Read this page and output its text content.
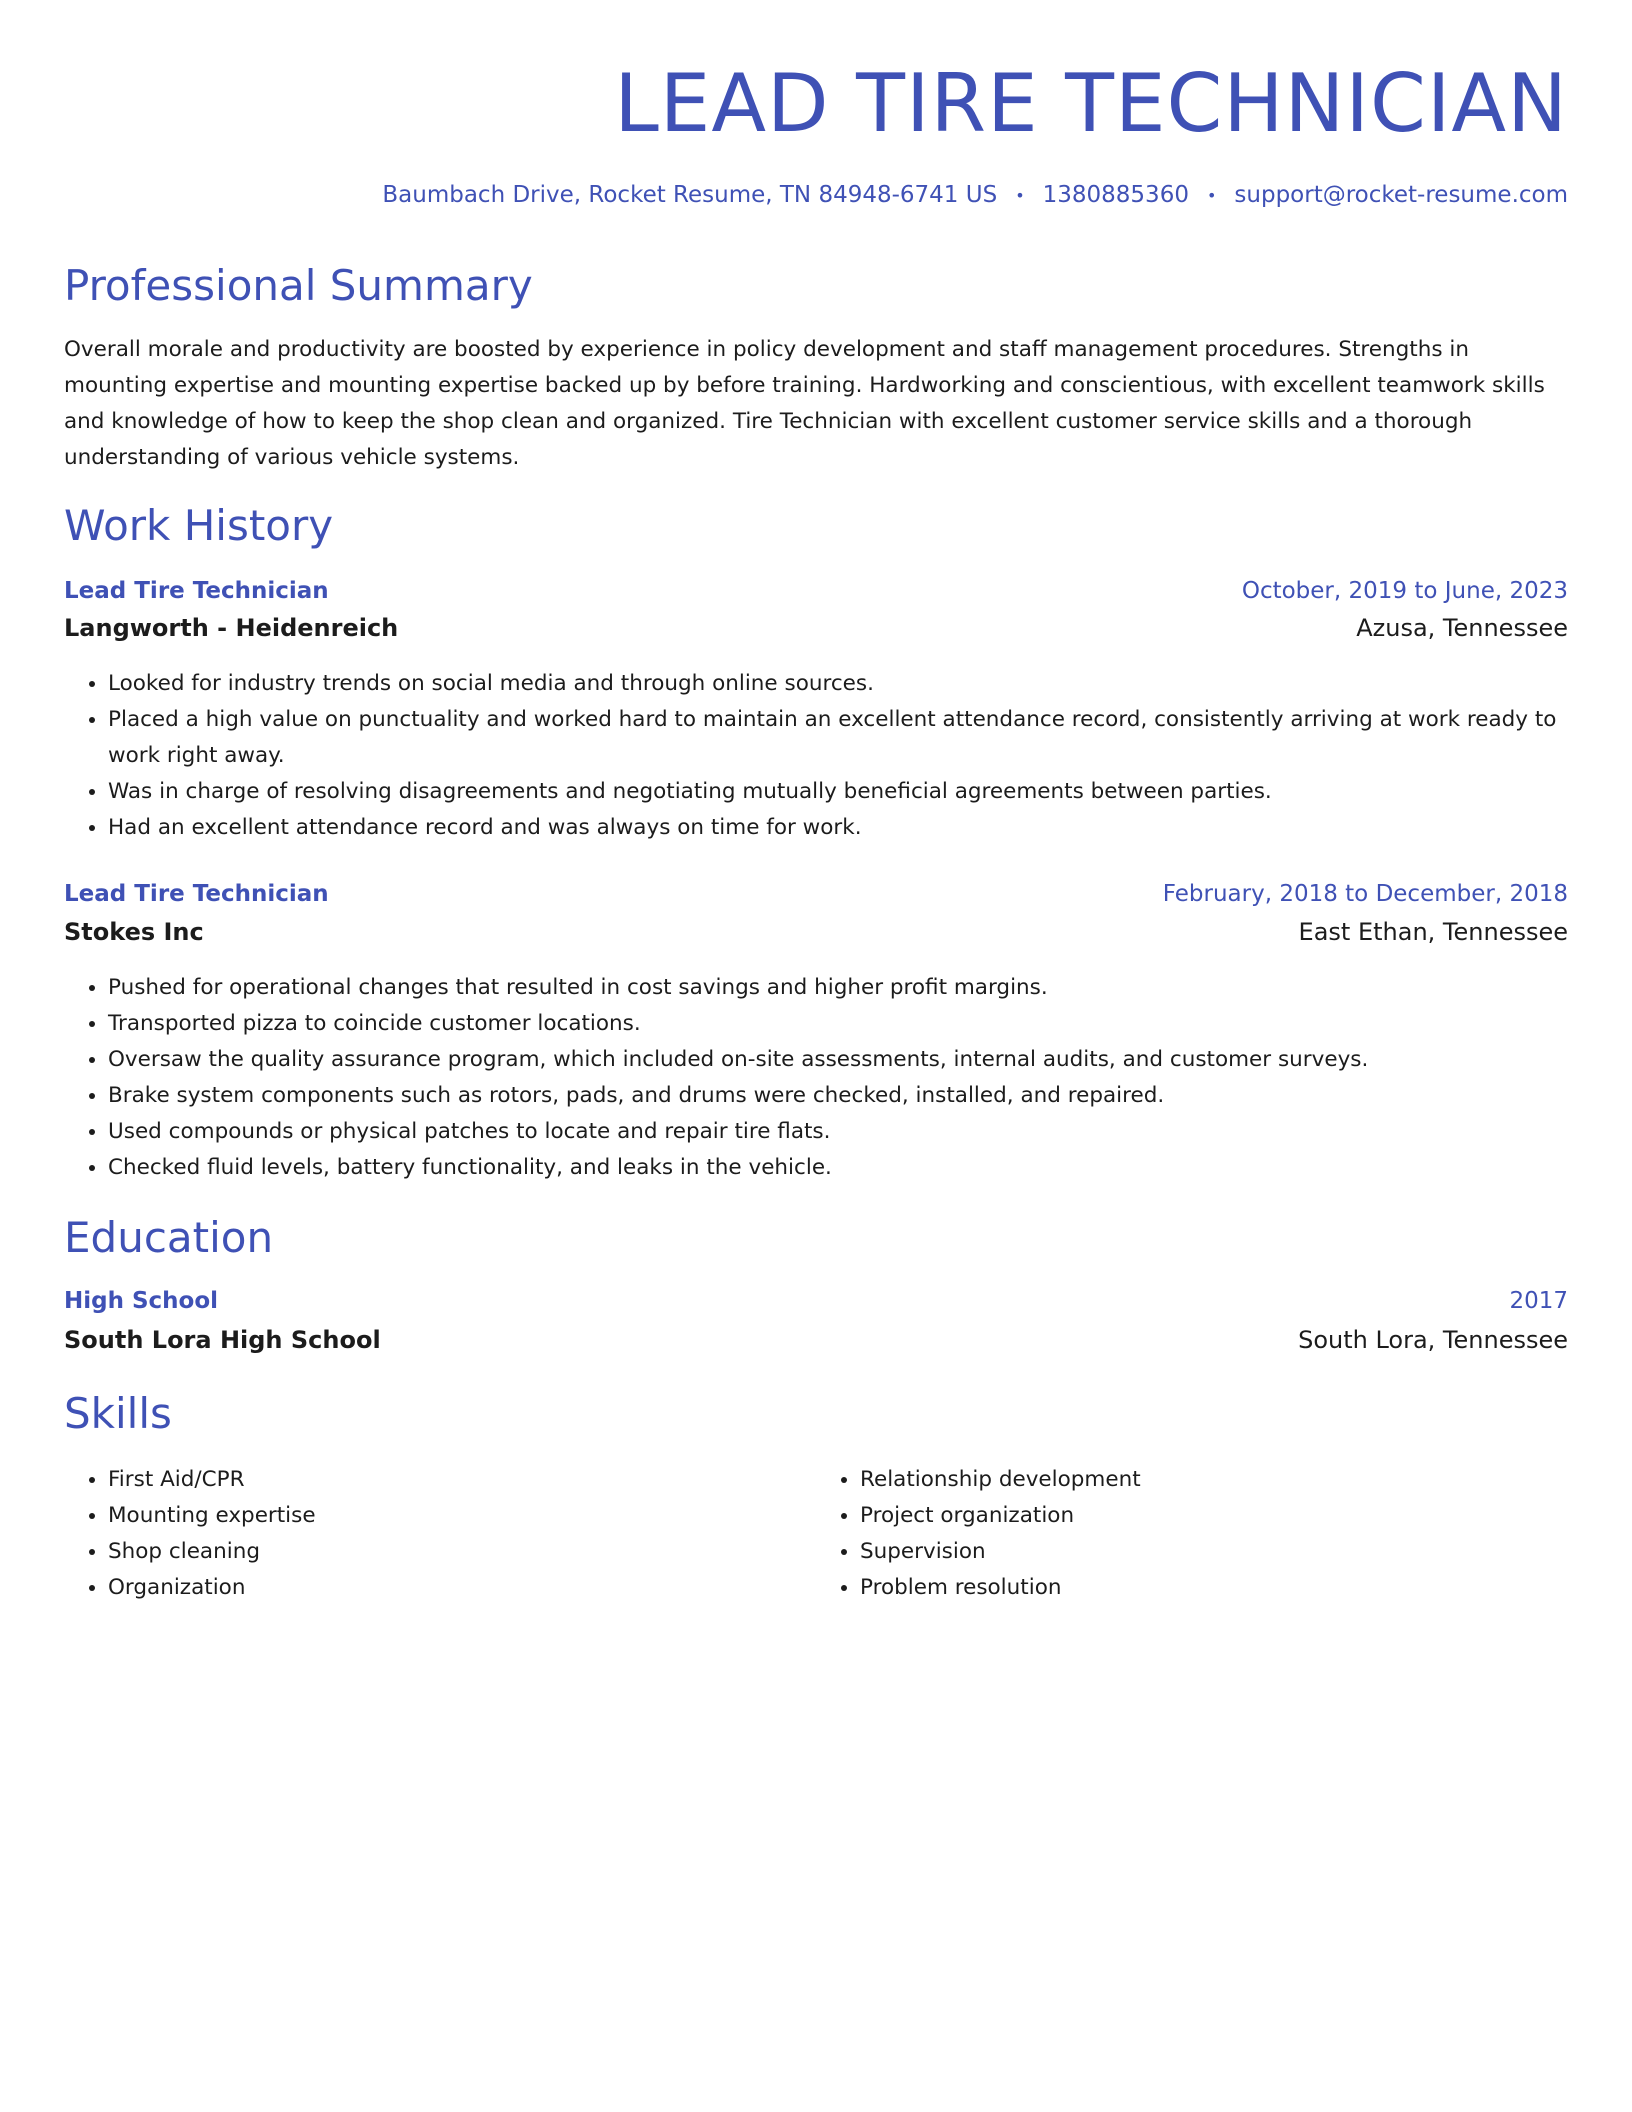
LEAD TIRE TECHNICIAN
Baumbach Drive, Rocket Resume, TN 84948-6741 US • 1380885360 • support@rocket-resume.com
Professional Summary

Overall morale and productivity are boosted by experience in policy development and staff management procedures. Strengths in mounting expertise and mounting expertise backed up by before training. Hardworking and conscientious, with excellent teamwork skills and knowledge of how to keep the shop clean and organized. Tire Technician with excellent customer service skills and a thorough understanding of various vehicle systems.

Work History
Lead Tire Technician	October, 2019 to June, 2023
Langworth - Heidenreich	Azusa, Tennessee
• Looked for industry trends on social media and through online sources.
• Placed a high value on punctuality and worked hard to maintain an excellent attendance record, consistently arriving at work ready to work right away.
• Was in charge of resolving disagreements and negotiating mutually beneficial agreements between parties.
• Had an excellent attendance record and was always on time for work.
Lead Tire Technician	February, 2018 to December, 2018
Stokes Inc	East Ethan, Tennessee
• Pushed for operational changes that resulted in cost savings and higher profit margins.
• Transported pizza to coincide customer locations.
• Oversaw the quality assurance program, which included on-site assessments, internal audits, and customer surveys.
• Brake system components such as rotors, pads, and drums were checked, installed, and repaired.
• Used compounds or physical patches to locate and repair tire flats.
• Checked fluid levels, battery functionality, and leaks in the vehicle.
Education
High School	2017
South Lora High School	South Lora, Tennessee
Skills
• First Aid/CPR
• Mounting expertise
• Shop cleaning
• Organization
• Relationship development
• Project organization
• Supervision
• Problem resolution
